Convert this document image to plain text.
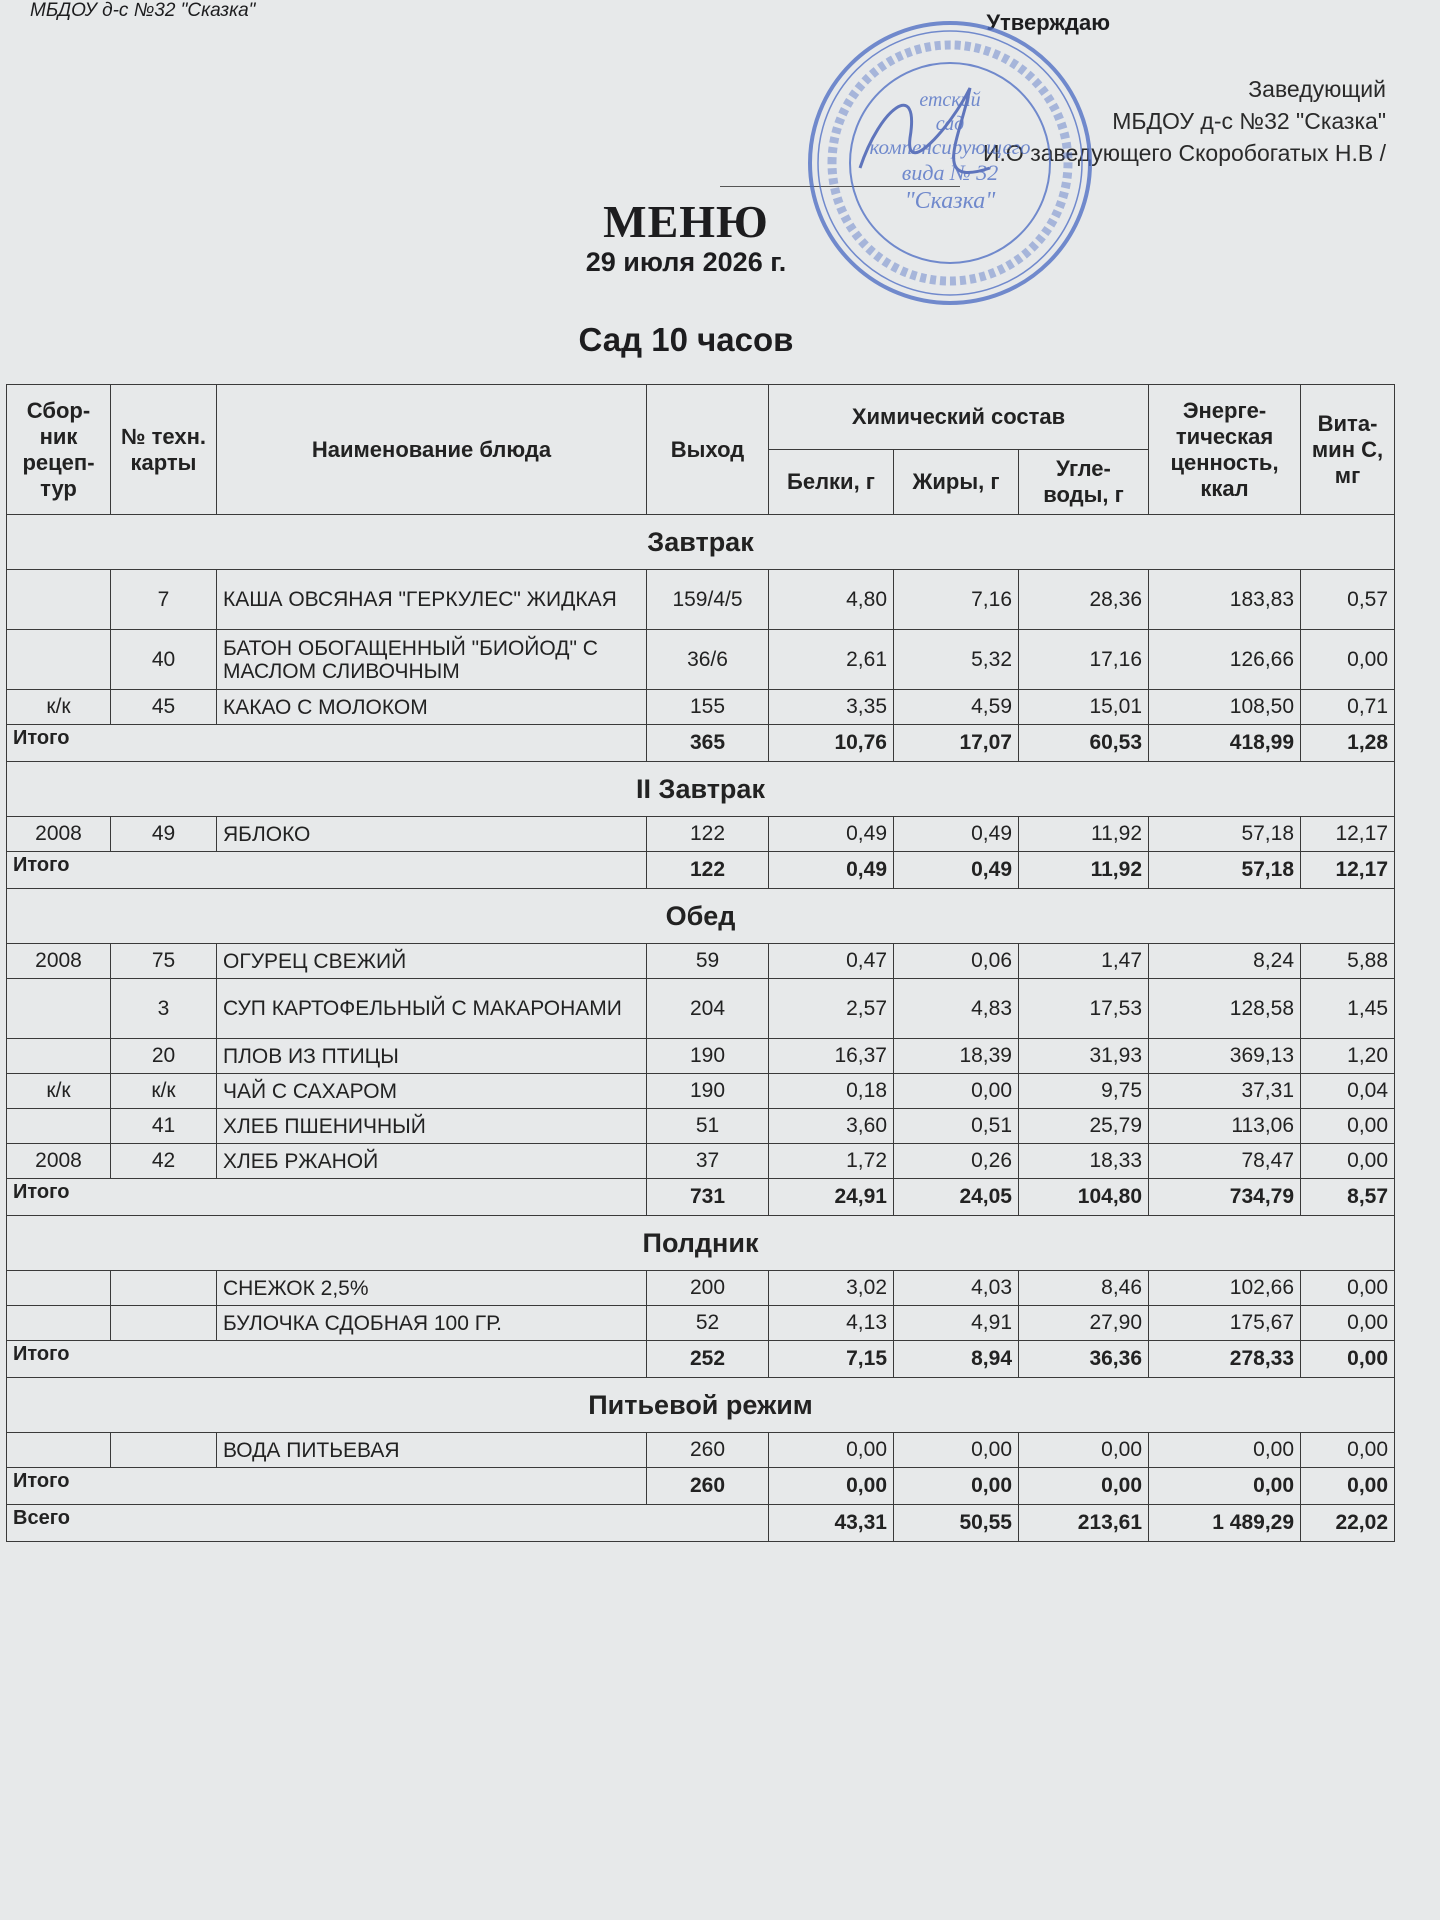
МБДОУ д-с №32 "Сказка"	Утверждаю
Заведующий
МБДОУ д-с №32 "Сказка"
И.О заведующего Скоробогатых Н.В /
етский
сад
компенсирующего
вида № 32
"Сказка"
МЕНЮ
29 июля 2026 г.
Сад 10 часов
Сбор-ник рецеп-тур	№ техн. карты	Наименование блюда	Выход	Химический состав			Энерге-тическая ценность, ккал	Вита-мин С, мг
				Белки, г	Жиры, г	Угле-воды, г		
Завтрак								
	7	КАША ОВСЯНАЯ "ГЕРКУЛЕС" ЖИДКАЯ	159/4/5	4,80	7,16	28,36	183,83	0,57
	40	БАТОН ОБОГАЩЕННЫЙ "БИОЙОД" С МАСЛОМ СЛИВОЧНЫМ	36/6	2,61	5,32	17,16	126,66	0,00
к/к	45	КАКАО С МОЛОКОМ	155	3,35	4,59	15,01	108,50	0,71
Итого			365	10,76	17,07	60,53	418,99	1,28
II Завтрак								
2008	49	ЯБЛОКО	122	0,49	0,49	11,92	57,18	12,17
Итого			122	0,49	0,49	11,92	57,18	12,17
Обед								
2008	75	ОГУРЕЦ СВЕЖИЙ	59	0,47	0,06	1,47	8,24	5,88
	3	СУП КАРТОФЕЛЬНЫЙ С МАКАРОНАМИ	204	2,57	4,83	17,53	128,58	1,45
	20	ПЛОВ ИЗ ПТИЦЫ	190	16,37	18,39	31,93	369,13	1,20
к/к	к/к	ЧАЙ С САХАРОМ	190	0,18	0,00	9,75	37,31	0,04
	41	ХЛЕБ ПШЕНИЧНЫЙ	51	3,60	0,51	25,79	113,06	0,00
2008	42	ХЛЕБ РЖАНОЙ	37	1,72	0,26	18,33	78,47	0,00
Итого			731	24,91	24,05	104,80	734,79	8,57
Полдник								
		СНЕЖОК 2,5%	200	3,02	4,03	8,46	102,66	0,00
		БУЛОЧКА СДОБНАЯ 100 ГР.	52	4,13	4,91	27,90	175,67	0,00
Итого			252	7,15	8,94	36,36	278,33	0,00
Питьевой режим								
		ВОДА ПИТЬЕВАЯ	260	0,00	0,00	0,00	0,00	0,00
Итого			260	0,00	0,00	0,00	0,00	0,00
Всего				43,31	50,55	213,61	1 489,29	22,02
